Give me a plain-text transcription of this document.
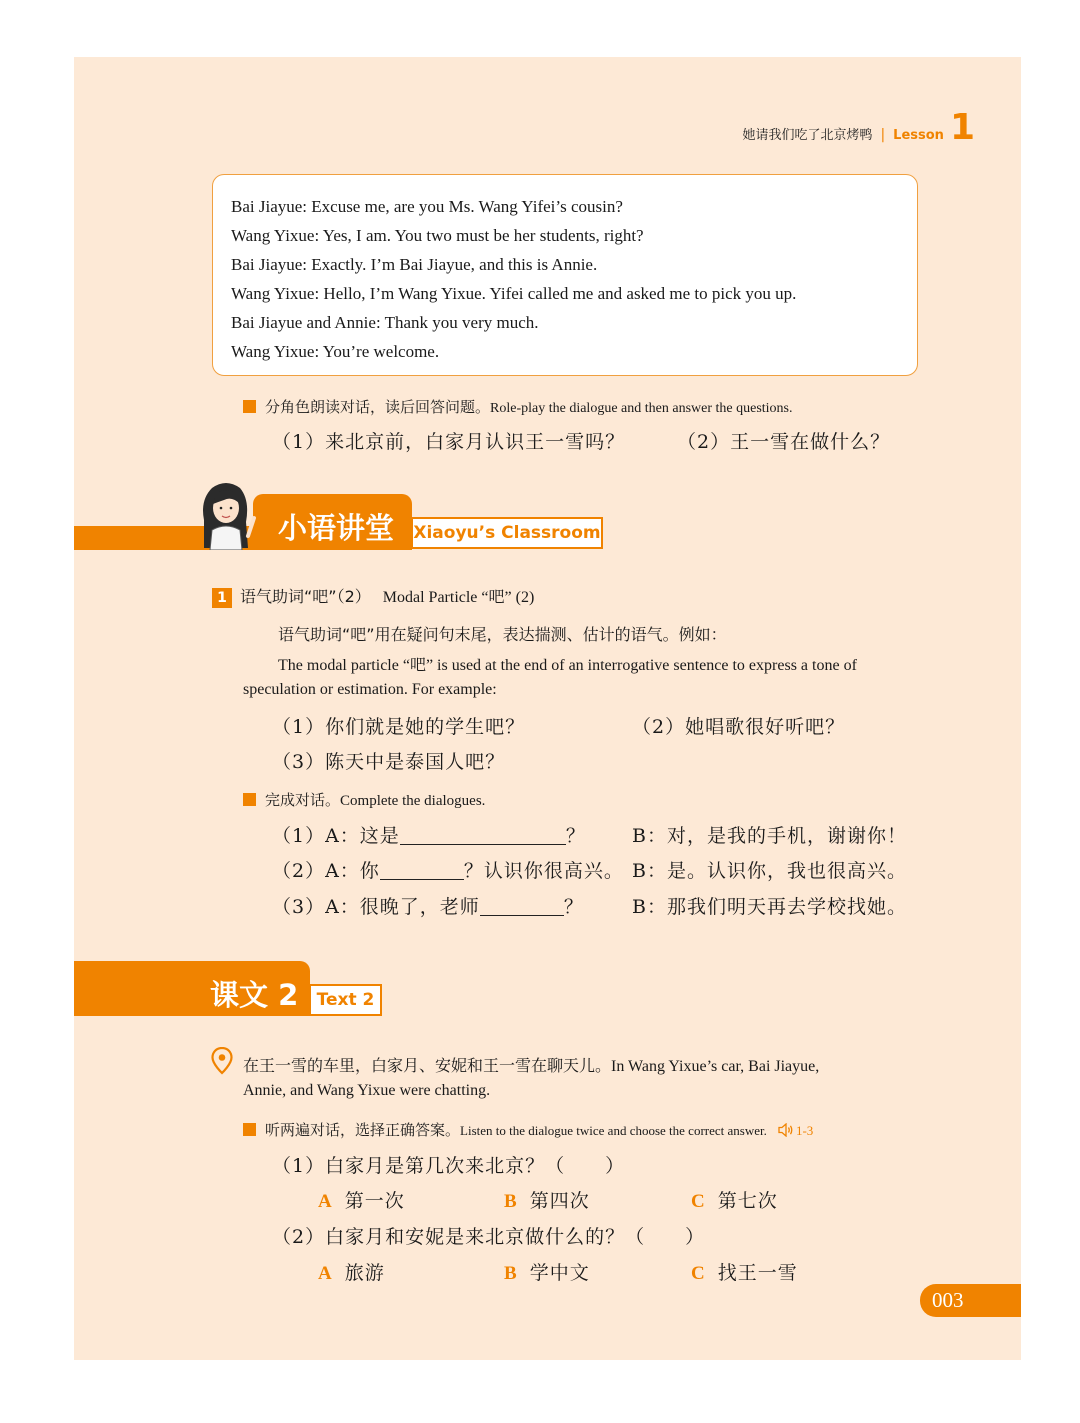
她请我们吃了北京烤鸭 | Lesson 1
Bai Jiayue: Excuse me, are you Ms. Wang Yifei’s cousin?
Wang Yixue: Yes, I am. You two must be her students, right?
Bai Jiayue: Exactly. I’m Bai Jiayue, and this is Annie.
Wang Yixue: Hello, I’m Wang Yixue. Yifei called me and asked me to pick you up.
Bai Jiayue and Annie: Thank you very much.
Wang Yixue: You’re welcome.
分角色朗读对话，读后回答问题。Role-play the dialogue and then answer the questions.
（1）来北京前，白家月认识王一雪吗？	（2）王一雪在做什么？
小语讲堂 Xiaoyu’s Classroom
1 语气助词“吧”（2） Modal Particle “吧” (2)
语气助词“吧”用在疑问句末尾，表达揣测、估计的语气。例如：
The modal particle “吧” is used at the end of an interrogative sentence to express a tone of
speculation or estimation. For example:
（1）你们就是她的学生吧？	（2）她唱歌很好听吧？
（3）陈天中是泰国人吧？
完成对话。Complete the dialogues.
（1）A：这是	？ B：对，是我的手机，谢谢你！
（2）A：你	？认识你很高兴。 B：是。认识你，我也很高兴。
（3）A：很晚了，老师	？	B：那我们明天再去学校找她。
课文 2	Text 2
在王一雪的车里，白家月、安妮和王一雪在聊天儿。In Wang Yixue’s car, Bai Jiayue,
Annie, and Wang Yixue were chatting.
听两遍对话，选择正确答案。Listen to the dialogue twice and choose the correct answer. 1-3
（1）白家月是第几次来北京？（　　）
A 第一次	B 第四次	C 第七次
（2）白家月和安妮是来北京做什么的？（　　）
A 旅游	B 学中文	C 找王一雪
003
